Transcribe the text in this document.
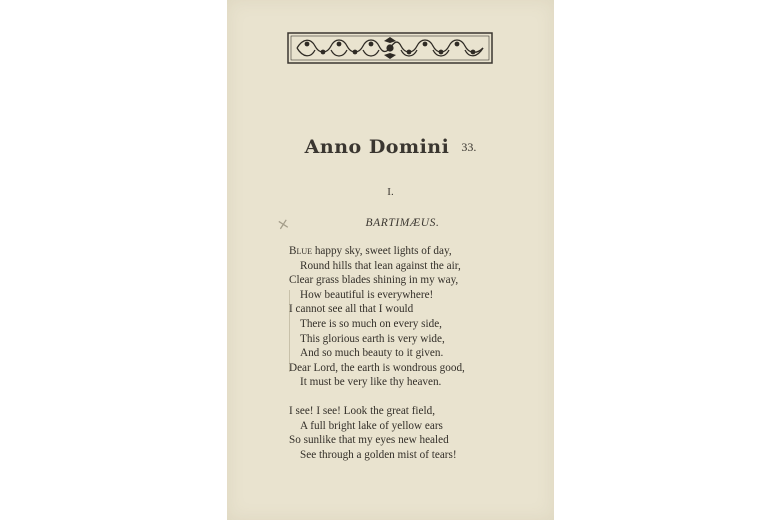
Anno Domini 33.
I.
×	BARTIMÆUS.
Blue happy sky, sweet lights of day,
Round hills that lean against the air,
Clear grass blades shining in my way,
How beautiful is everywhere!
I cannot see all that I would
There is so much on every side,
This glorious earth is very wide,
And so much beauty to it given.
Dear Lord, the earth is wondrous good,
It must be very like thy heaven.
I see! I see! Look the great field,
A full bright lake of yellow ears
So sunlike that my eyes new healed
See through a golden mist of tears!
